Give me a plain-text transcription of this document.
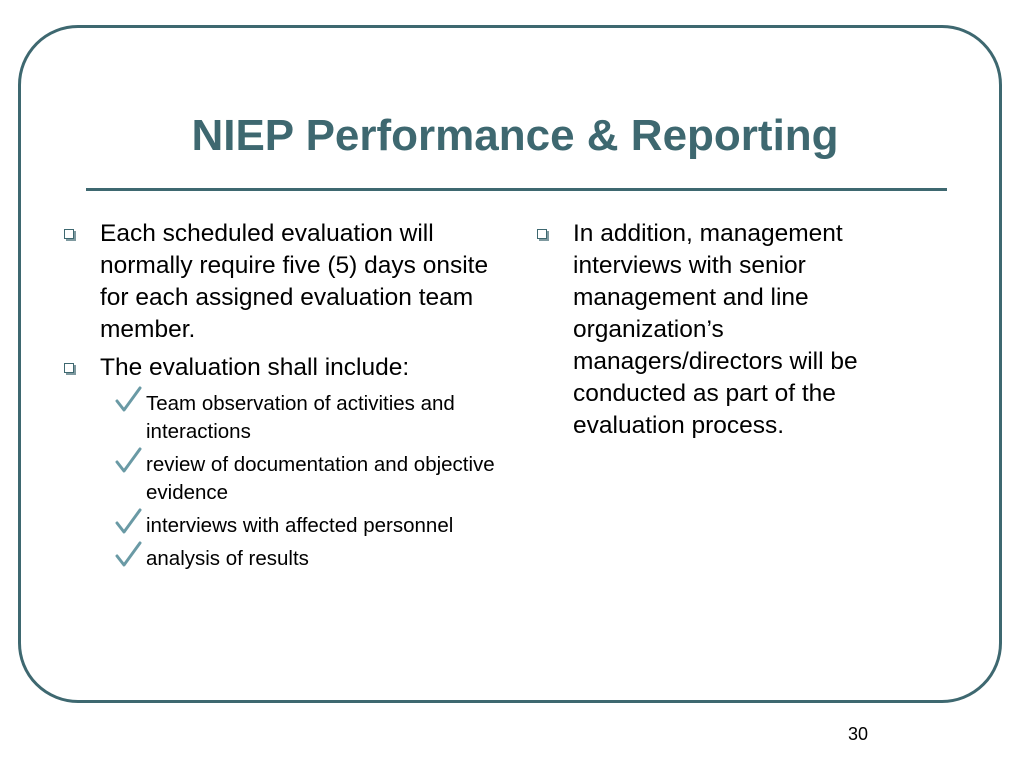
NIEP Performance & Reporting
Each scheduled evaluation will normally require five (5) days onsite for each assigned evaluation team member.
The evaluation shall include:
Team observation of activities and interactions
review of documentation and objective evidence
interviews with affected personnel
analysis of results
In addition, management interviews with senior management and line organization’s managers/directors will be conducted as part of the evaluation process.
30
